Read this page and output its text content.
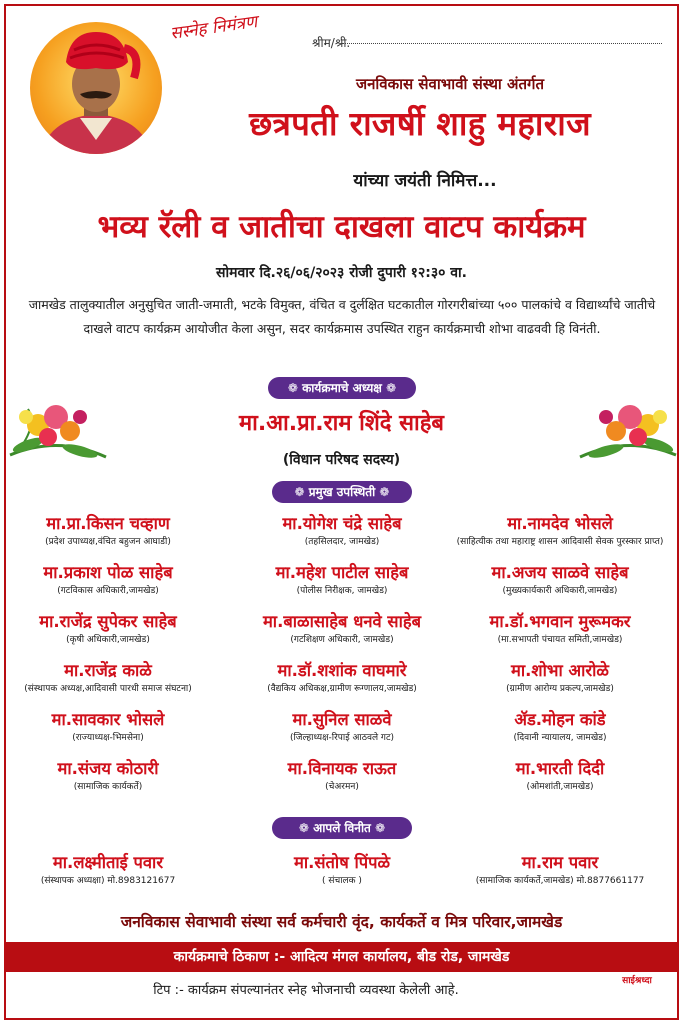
सस्नेह निमंत्रण	श्रीम/श्री.
जनविकास सेवाभावी संस्था अंतर्गत
छत्रपती राजर्षी शाहु महाराज
यांच्या जयंती निमित्त...
भव्य रॅली व जातीचा दाखला वाटप कार्यक्रम
सोमवार दि.२६/०६/२०२३ रोजी दुपारी १२:३० वा.
जामखेड तालुक्यातील अनुसुचित जाती-जमाती, भटके विमुक्त, वंचित व दुर्लक्षित घटकातील गोरगरीबांच्या ५०० पालकांचे व विद्यार्थ्यांचे जातीचे दाखले वाटप कार्यक्रम आयोजीत केला असुन, सदर कार्यक्रमास उपस्थित राहुन कार्यक्रमाची शोभा वाढववी हि विनंती.
❁ कार्यक्रमाचे अध्यक्ष ❁
मा.आ.प्रा.राम शिंदे साहेब
(विधान परिषद सदस्य)
❁ प्रमुख उपस्थिती ❁
मा.प्रा.किसन चव्हाण
(प्रदेश उपाध्यक्ष,वंचित बहुजन आघाडी)
मा.योगेश चंद्रे साहेब
(तहसिलदार, जामखेड)
मा.नामदेव भोसले
(साहित्यीक तथा महाराष्ट्र शासन आदिवासी सेवक पुरस्कार प्राप्त)
मा.प्रकाश पोळ साहेब
(गटविकास अधिकारी,जामखेड)
मा.महेश पाटील साहेब
(पोलीस निरीक्षक, जामखेड)
मा.अजय साळवे साहेब
(मुख्यकार्यकारी अधिकारी,जामखेड)
मा.राजेंद्र सुपेकर साहेब
(कृषी अधिकारी,जामखेड)
मा.बाळासाहेब धनवे साहेब
(गटशिक्षण अधिकारी, जामखेड)
मा.डॉ.भगवान मुरूमकर
(मा.सभापती पंचायत समिती,जामखेड)
मा.राजेंद्र काळे
(संस्थापक अध्यक्ष,आदिवासी पारधी समाज संघटना)
मा.डॉ.शशांक वाघमारे
(वैद्यकिय अधिकक्ष,ग्रामीण रूग्णालय,जामखेड)
मा.शोभा आरोळे
(ग्रामीण आरोग्य प्रकल्प,जामखेड)
मा.सावकार भोसले
(राज्याध्यक्ष-भिमसेना)
मा.सुनिल साळवे
(जिल्हाध्यक्ष-रिपाई आठवले गट)
ॲड.मोहन कांडे
(दिवानी न्यायालय, जामखेड)
मा.संजय कोठारी
(सामाजिक कार्यकर्ते)
मा.विनायक राऊत
(चेअरमन)
मा.भारती दिदी
(ओमशांती,जामखेड)
❁ आपले विनीत ❁
मा.लक्ष्मीताई पवार
(संस्थापक अध्यक्षा) मो.8983121677
मा.संतोष पिंपळे
( संचालक )
मा.राम पवार
(सामाजिक कार्यकर्ते,जामखेड) मो.8877661177
जनविकास सेवाभावी संस्था सर्व कर्मचारी वृंद, कार्यकर्ते व मित्र परिवार,जामखेड
कार्यक्रमाचे ठिकाण :- आदित्य मंगल कार्यालय, बीड रोड, जामखेड
टिप :- कार्यक्रम संपल्यानंतर स्नेह भोजनाची व्यवस्था केलेली आहे.
साईश्रध्दा
